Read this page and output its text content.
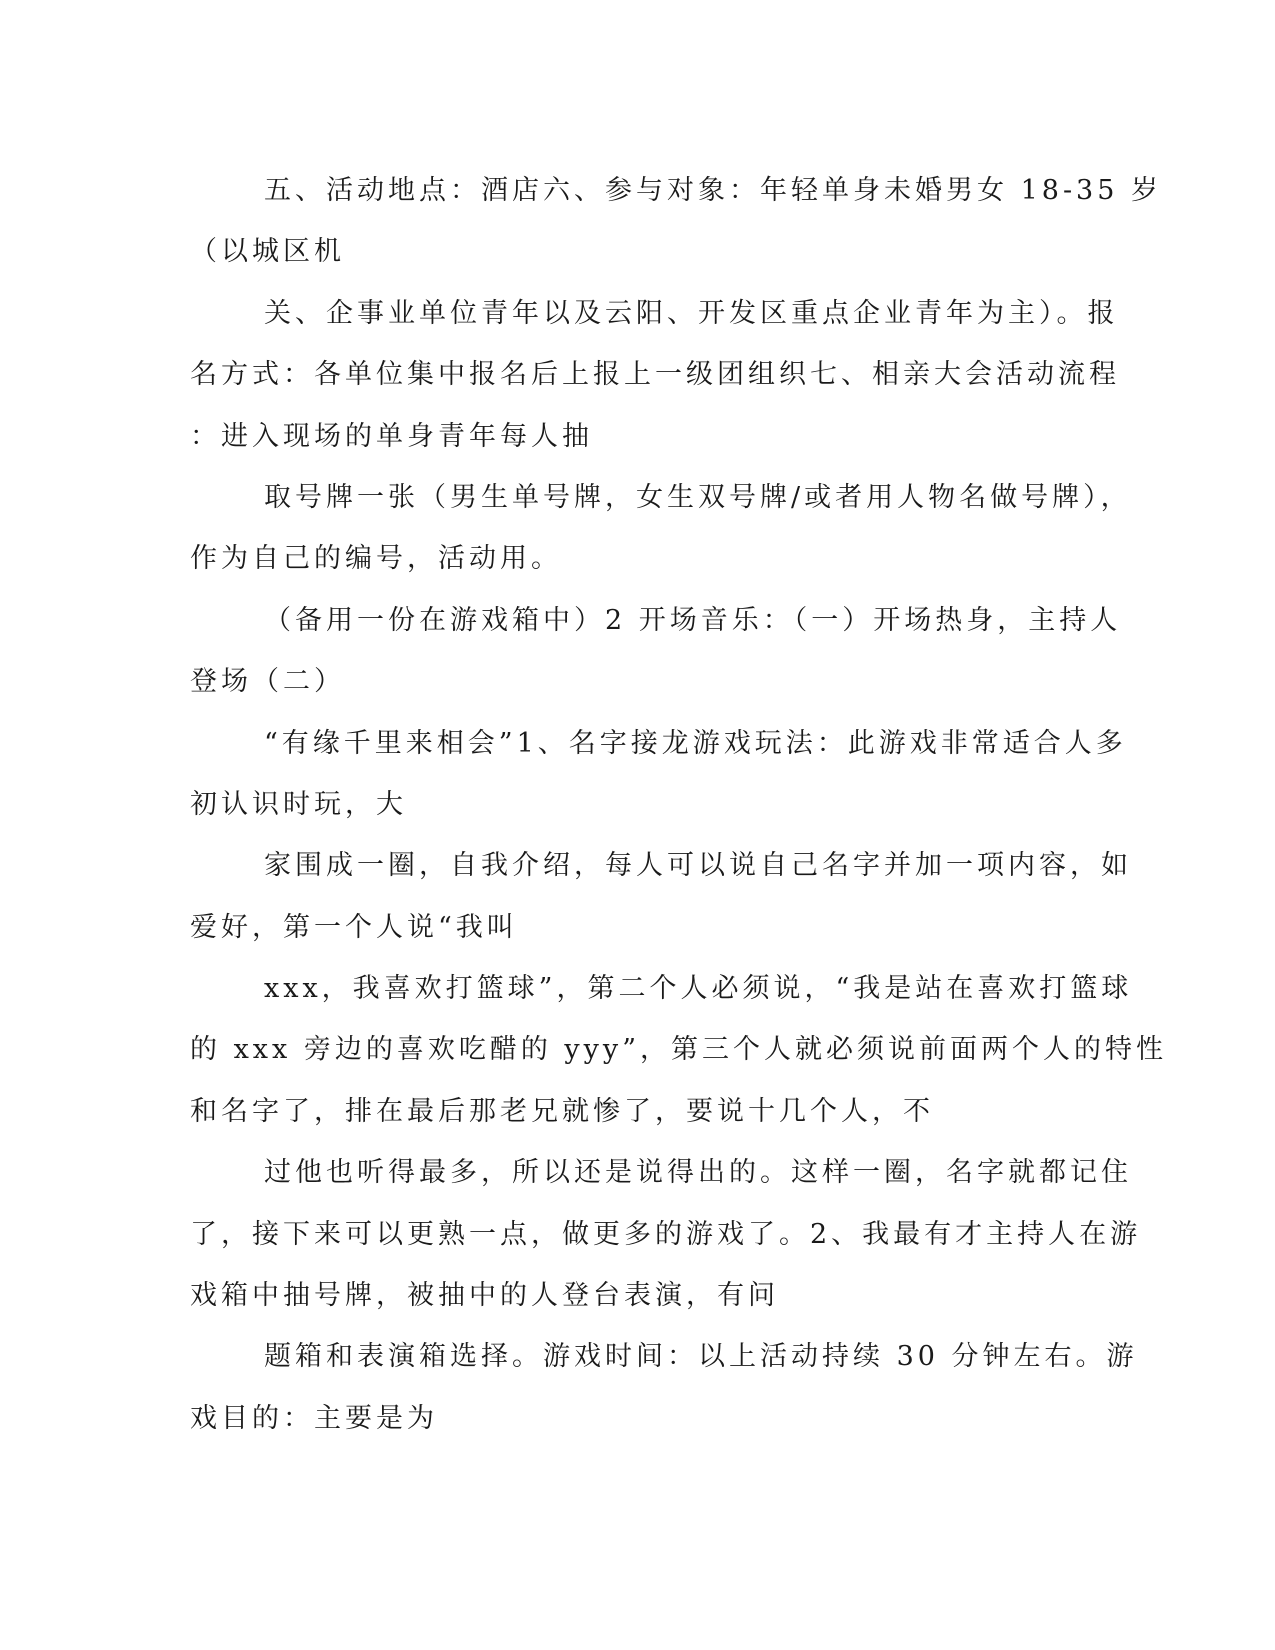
五、活动地点：酒店六、参与对象：年轻单身未婚男女 18-35 岁
（以城区机
关、企事业单位青年以及云阳、开发区重点企业青年为主）。报
名方式：各单位集中报名后上报上一级团组织七、相亲大会活动流程
：进入现场的单身青年每人抽
取号牌一张（男生单号牌，女生双号牌/或者用人物名做号牌），
作为自己的编号，活动用。
（备用一份在游戏箱中）2 开场音乐：（一）开场热身，主持人
登场（二）
“有缘千里来相会”1、名字接龙游戏玩法：此游戏非常适合人多
初认识时玩，大
家围成一圈，自我介绍，每人可以说自己名字并加一项内容，如
爱好，第一个人说“我叫
xxx，我喜欢打篮球”，第二个人必须说，“我是站在喜欢打篮球
的 xxx 旁边的喜欢吃醋的 yyy”，第三个人就必须说前面两个人的特性
和名字了，排在最后那老兄就惨了，要说十几个人，不
过他也听得最多，所以还是说得出的。这样一圈，名字就都记住
了，接下来可以更熟一点，做更多的游戏了。2、我最有才主持人在游
戏箱中抽号牌，被抽中的人登台表演，有问
题箱和表演箱选择。游戏时间：以上活动持续 30 分钟左右。游
戏目的：主要是为
